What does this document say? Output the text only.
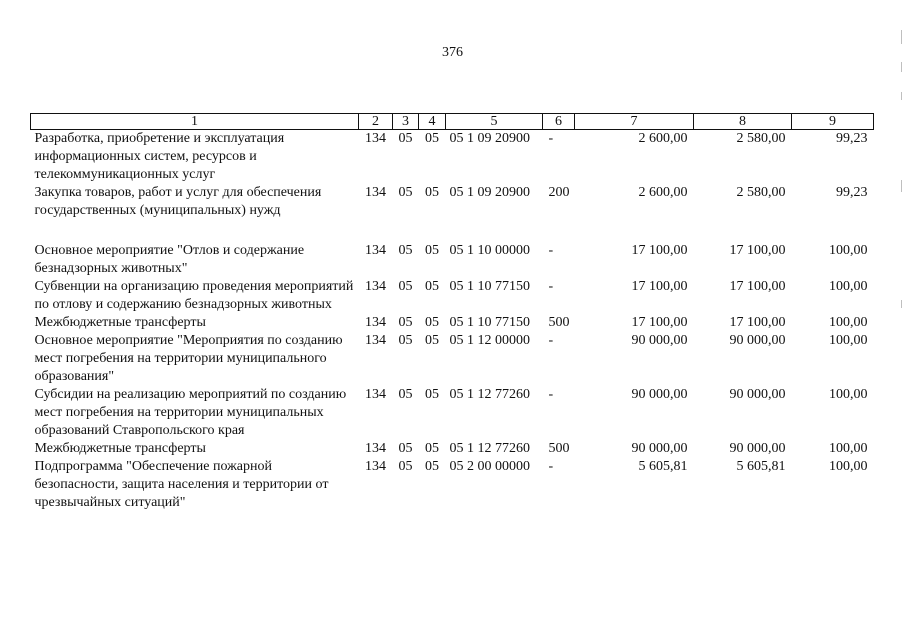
376
1	2	3	4	5	6	7	8	9
Разработка, приобретение и эксплуатация информационных систем, ресурсов и телекоммуникационных услуг	134	05	05	05 1 09 20900	-	2 600,00	2 580,00	99,23
Закупка товаров, работ и услуг для обеспечения государственных (муниципальных) нужд	134	05	05	05 1 09 20900	200	2 600,00	2 580,00	99,23
Основное мероприятие "Отлов и содержание безнадзорных животных"	134	05	05	05 1 10 00000	-	17 100,00	17 100,00	100,00
Субвенции на организацию проведения мероприятий по отлову и содержанию безнадзорных животных	134	05	05	05 1 10 77150	-	17 100,00	17 100,00	100,00
Межбюджетные трансферты	134	05	05	05 1 10 77150	500	17 100,00	17 100,00	100,00
Основное мероприятие "Мероприятия по созданию мест погребения на территории муниципального образования"	134	05	05	05 1 12 00000	-	90 000,00	90 000,00	100,00
Субсидии на реализацию мероприятий по созданию мест погребения на территории муниципальных образований Ставропольского края	134	05	05	05 1 12 77260	-	90 000,00	90 000,00	100,00
Межбюджетные трансферты	134	05	05	05 1 12 77260	500	90 000,00	90 000,00	100,00
Подпрограмма "Обеспечение пожарной безопасности, защита населения и территории от чрезвычайных ситуаций"	134	05	05	05 2 00 00000	-	5 605,81	5 605,81	100,00
